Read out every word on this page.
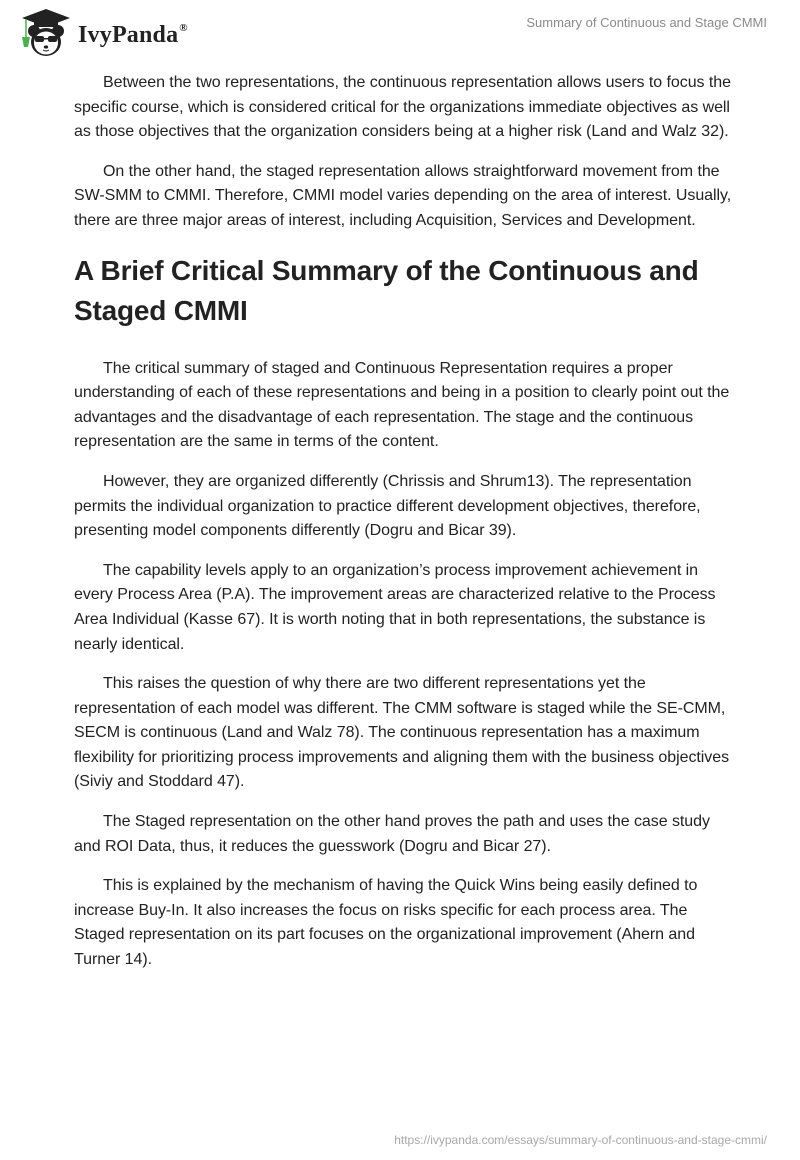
IvyPanda®	Summary of Continuous and Stage CMMI

Between the two representations, the continuous representation allows users to focus the specific course, which is considered critical for the organizations immediate objectives as well as those objectives that the organization considers being at a higher risk (Land and Walz 32).

On the other hand, the staged representation allows straightforward movement from the SW-SMM to CMMI. Therefore, CMMI model varies depending on the area of interest. Usually, there are three major areas of interest, including Acquisition, Services and Development.

A Brief Critical Summary of the Continuous and Staged CMMI

The critical summary of staged and Continuous Representation requires a proper understanding of each of these representations and being in a position to clearly point out the advantages and the disadvantage of each representation. The stage and the continuous representation are the same in terms of the content.

However, they are organized differently (Chrissis and Shrum13). The representation permits the individual organization to practice different development objectives, therefore, presenting model components differently (Dogru and Bicar 39).

The capability levels apply to an organization’s process improvement achievement in every Process Area (P.A). The improvement areas are characterized relative to the Process Area Individual (Kasse 67). It is worth noting that in both representations, the substance is nearly identical.

This raises the question of why there are two different representations yet the representation of each model was different. The CMM software is staged while the SE-CMM, SECM is continuous (Land and Walz 78). The continuous representation has a maximum flexibility for prioritizing process improvements and aligning them with the business objectives (Siviy and Stoddard 47).

The Staged representation on the other hand proves the path and uses the case study and ROI Data, thus, it reduces the guesswork (Dogru and Bicar 27).

This is explained by the mechanism of having the Quick Wins being easily defined to increase Buy-In. It also increases the focus on risks specific for each process area. The Staged representation on its part focuses on the organizational improvement (Ahern and Turner 14).

https://ivypanda.com/essays/summary-of-continuous-and-stage-cmmi/
